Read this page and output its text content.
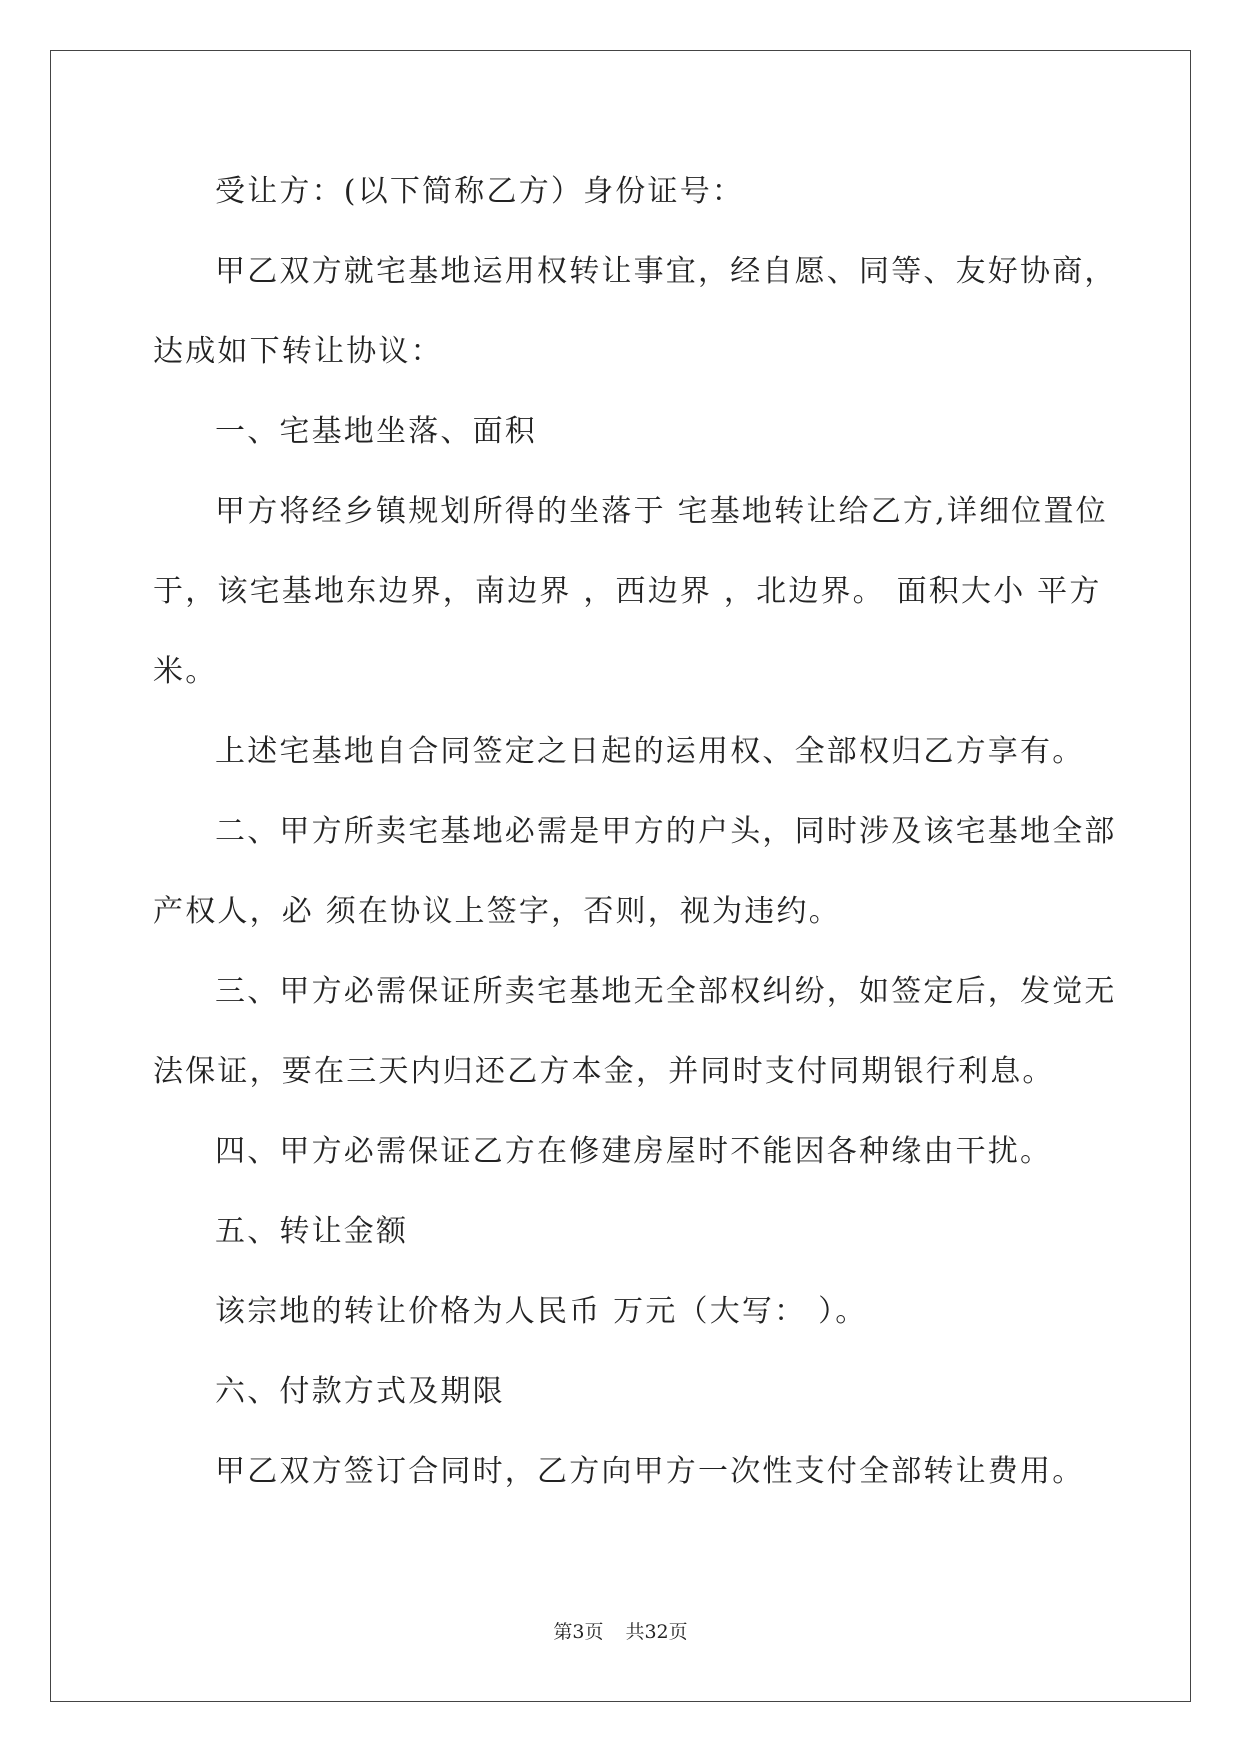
受让方：(以下简称乙方）身份证号：
甲乙双方就宅基地运用权转让事宜，经自愿、同等、友好协商，
达成如下转让协议：
一、宅基地坐落、面积
甲方将经乡镇规划所得的坐落于 宅基地转让给乙方,详细位置位
于，该宅基地东边界，南边界 ，西边界 ，北边界。 面积大小 平方
米。
上述宅基地自合同签定之日起的运用权、全部权归乙方享有。
二、甲方所卖宅基地必需是甲方的户头，同时涉及该宅基地全部
产权人，必 须在协议上签字，否则，视为违约。
三、甲方必需保证所卖宅基地无全部权纠纷，如签定后，发觉无
法保证，要在三天内归还乙方本金，并同时支付同期银行利息。
四、甲方必需保证乙方在修建房屋时不能因各种缘由干扰。
五、转让金额
该宗地的转让价格为人民币 万元（大写： ）。
六、付款方式及期限
甲乙双方签订合同时，乙方向甲方一次性支付全部转让费用。
第3页 共32页
